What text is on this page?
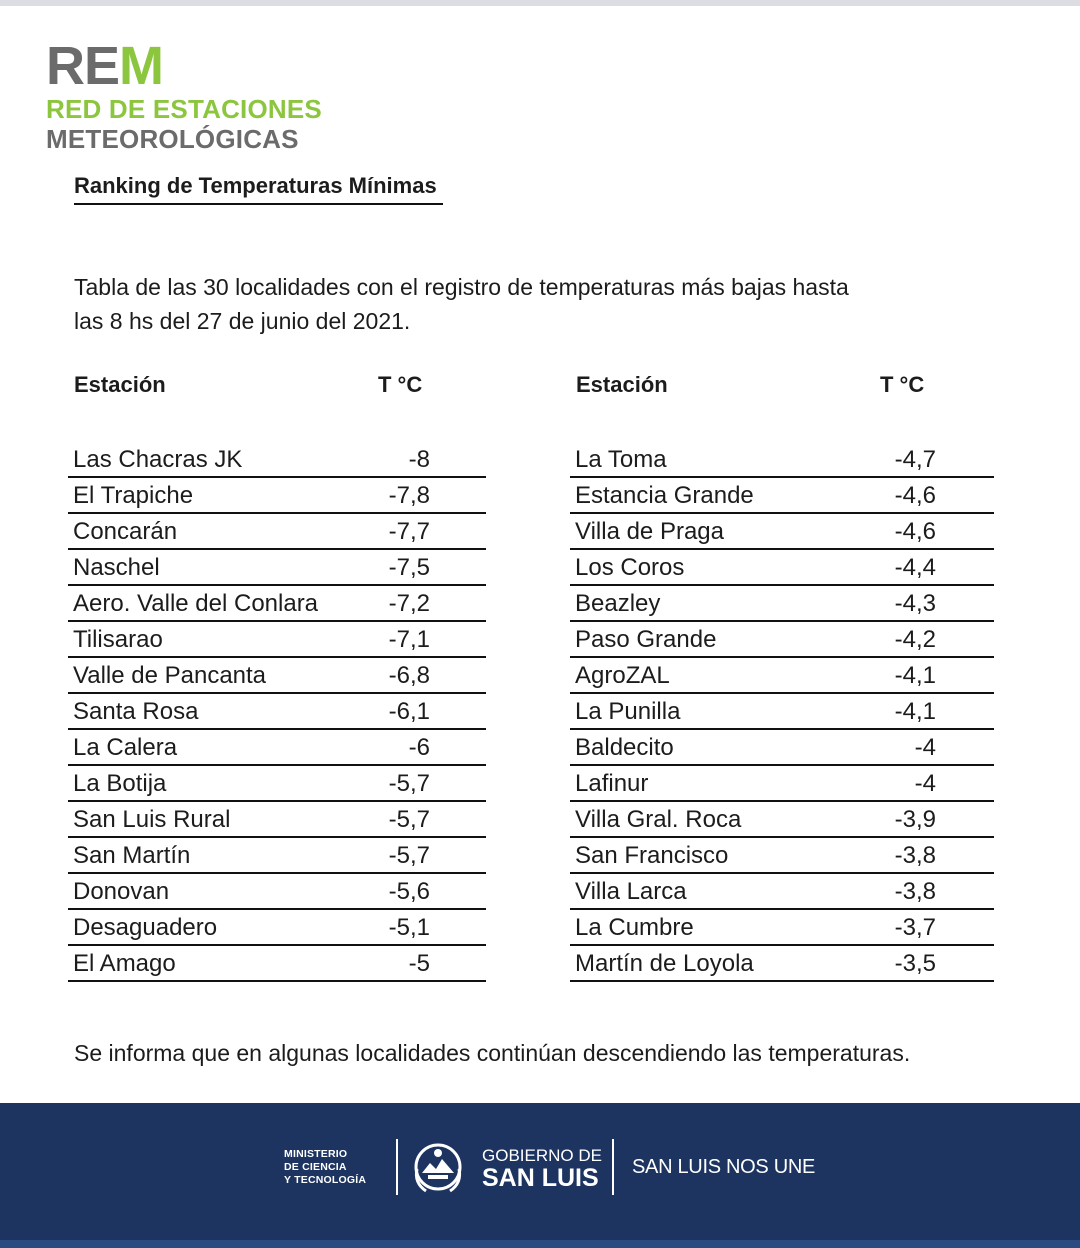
REM
RED DE ESTACIONES
METEOROLÓGICAS
Ranking de Temperaturas Mínimas
Tabla de las 30 localidades con el registro de temperaturas más bajas hasta
las 8 hs del 27 de junio del 2021.
Estación	T °C
Las Chacras JK	-8
El Trapiche	-7,8
Concarán	-7,7
Naschel	-7,5
Aero. Valle del Conlara	-7,2
Tilisarao	-7,1
Valle de Pancanta	-6,8
Santa Rosa	-6,1
La Calera	-6
La Botija	-5,7
San Luis Rural	-5,7
San Martín	-5,7
Donovan	-5,6
Desaguadero	-5,1
El Amago	-5
Estación	T °C
La Toma	-4,7
Estancia Grande	-4,6
Villa de Praga	-4,6
Los Coros	-4,4
Beazley	-4,3
Paso Grande	-4,2
AgroZAL	-4,1
La Punilla	-4,1
Baldecito	-4
Lafinur	-4
Villa Gral. Roca	-3,9
San Francisco	-3,8
Villa Larca	-3,8
La Cumbre	-3,7
Martín de Loyola	-3,5
Se informa que en algunas localidades continúan descendiendo las temperaturas.
MINISTERIO
DE CIENCIA
Y TECNOLOGÍA
GOBIERNO DE
SAN LUIS SAN LUIS NOS UNE
